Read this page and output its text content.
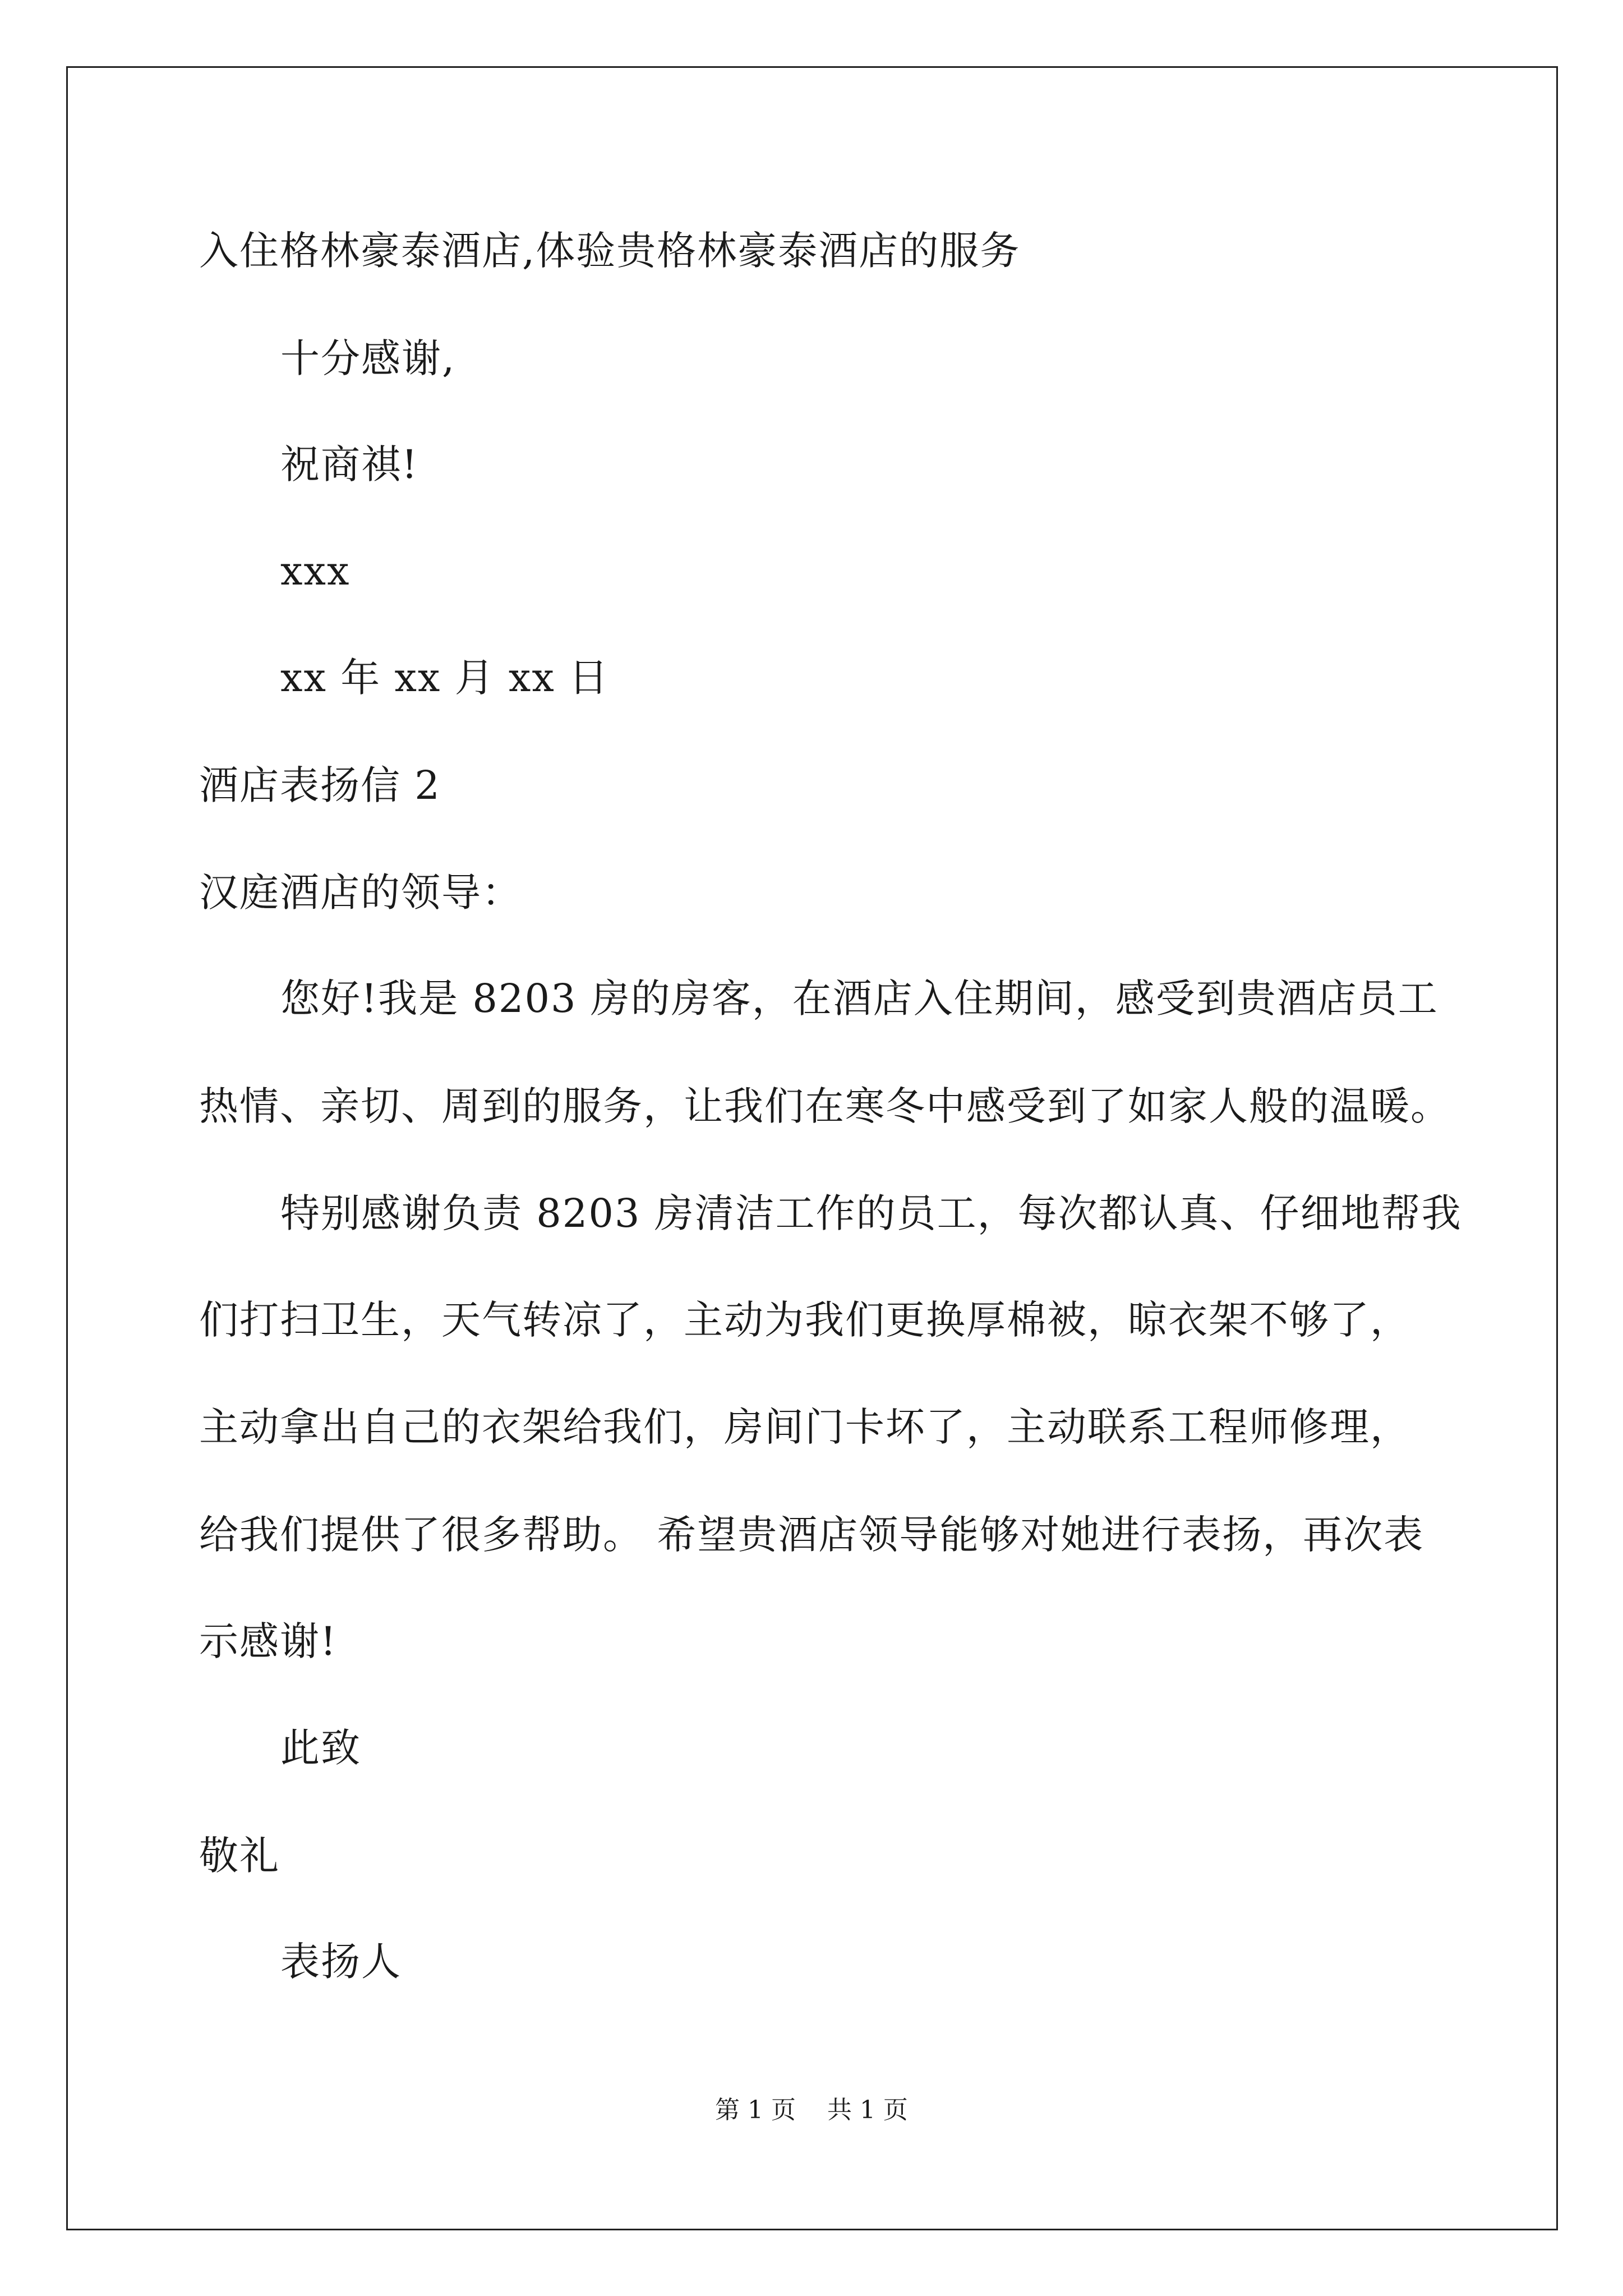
入住格林豪泰酒店,体验贵格林豪泰酒店的服务
十分感谢,
祝商祺!
xxx
xx 年 xx 月 xx 日
酒店表扬信 2
汉庭酒店的领导：
您好!我是 8203 房的房客，在酒店入住期间，感受到贵酒店员工
热情、亲切、周到的服务，让我们在寒冬中感受到了如家人般的温暖。
特别感谢负责 8203 房清洁工作的员工，每次都认真、仔细地帮我
们打扫卫生，天气转凉了，主动为我们更换厚棉被，晾衣架不够了，
主动拿出自己的衣架给我们，房间门卡坏了，主动联系工程师修理，
给我们提供了很多帮助。 希望贵酒店领导能够对她进行表扬，再次表
示感谢!
此致
敬礼
表扬人
第 1 页    共 1 页
